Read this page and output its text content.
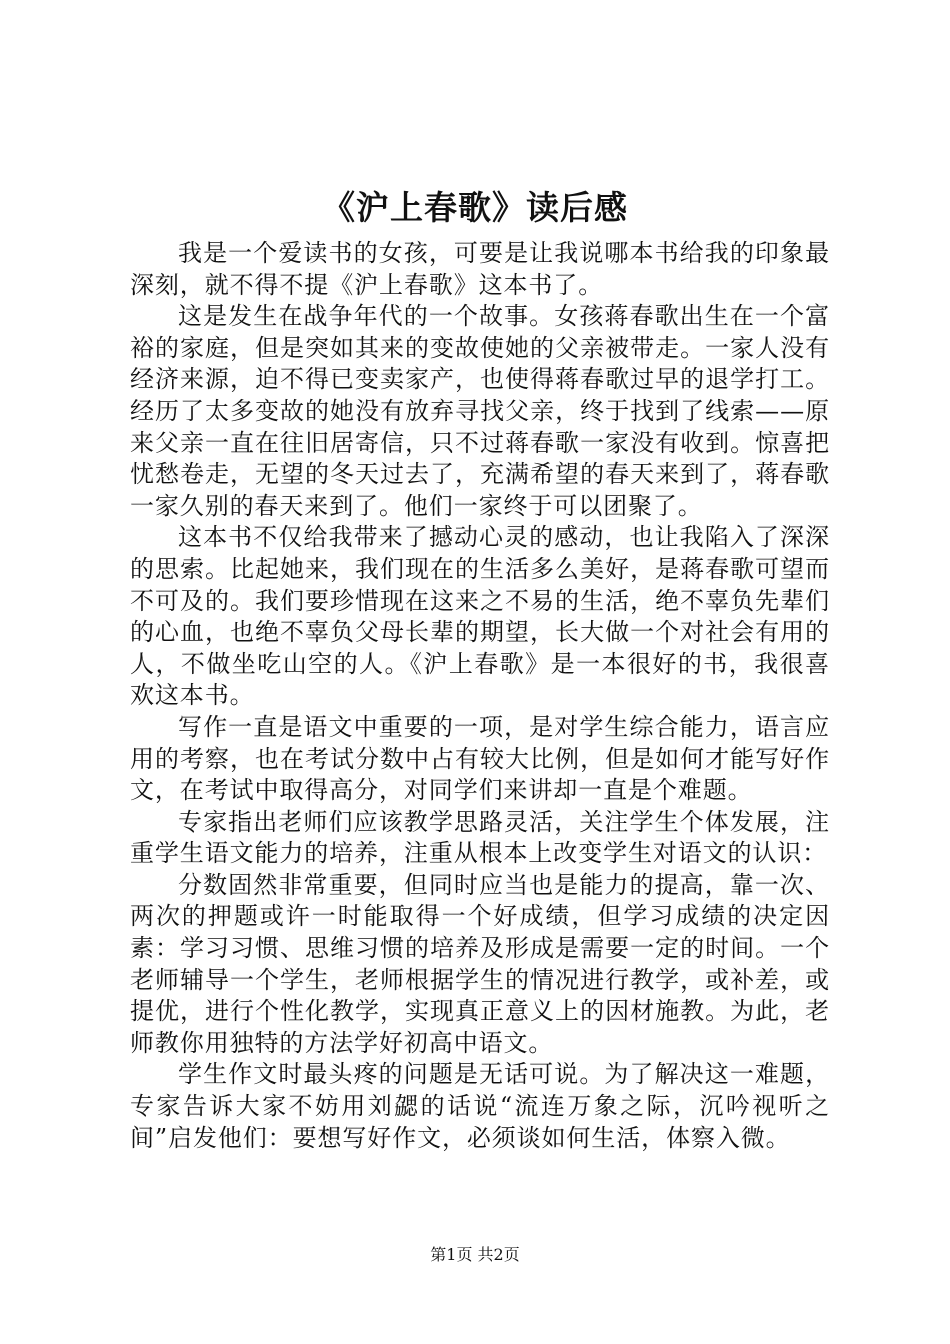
《沪上春歌》读后感

我是一个爱读书的女孩，可要是让我说哪本书给我的印象最深刻，就不得不提《沪上春歌》这本书了。

这是发生在战争年代的一个故事。女孩蒋春歌出生在一个富裕的家庭，但是突如其来的变故使她的父亲被带走。一家人没有经济来源，迫不得已变卖家产，也使得蒋春歌过早的退学打工。经历了太多变故的她没有放弃寻找父亲，终于找到了线索——原来父亲一直在往旧居寄信，只不过蒋春歌一家没有收到。惊喜把忧愁卷走，无望的冬天过去了，充满希望的春天来到了，蒋春歌一家久别的春天来到了。他们一家终于可以团聚了。

这本书不仅给我带来了撼动心灵的感动，也让我陷入了深深的思索。比起她来，我们现在的生活多么美好，是蒋春歌可望而不可及的。我们要珍惜现在这来之不易的生活，绝不辜负先辈们的心血，也绝不辜负父母长辈的期望，长大做一个对社会有用的人，不做坐吃山空的人。《沪上春歌》是一本很好的书，我很喜欢这本书。

写作一直是语文中重要的一项，是对学生综合能力，语言应用的考察，也在考试分数中占有较大比例，但是如何才能写好作文，在考试中取得高分，对同学们来讲却一直是个难题。

专家指出老师们应该教学思路灵活，关注学生个体发展，注重学生语文能力的培养，注重从根本上改变学生对语文的认识：

分数固然非常重要，但同时应当也是能力的提高，靠一次、两次的押题或许一时能取得一个好成绩，但学习成绩的决定因素：学习习惯、思维习惯的培养及形成是需要一定的时间。一个老师辅导一个学生，老师根据学生的情况进行教学，或补差，或提优，进行个性化教学，实现真正意义上的因材施教。为此，老师教你用独特的方法学好初高中语文。

学生作文时最头疼的问题是无话可说。为了解决这一难题，专家告诉大家不妨用刘勰的话说“流连万象之际，沉吟视听之间”启发他们：要想写好作文，必须谈如何生活，体察入微。

第1页 共2页
